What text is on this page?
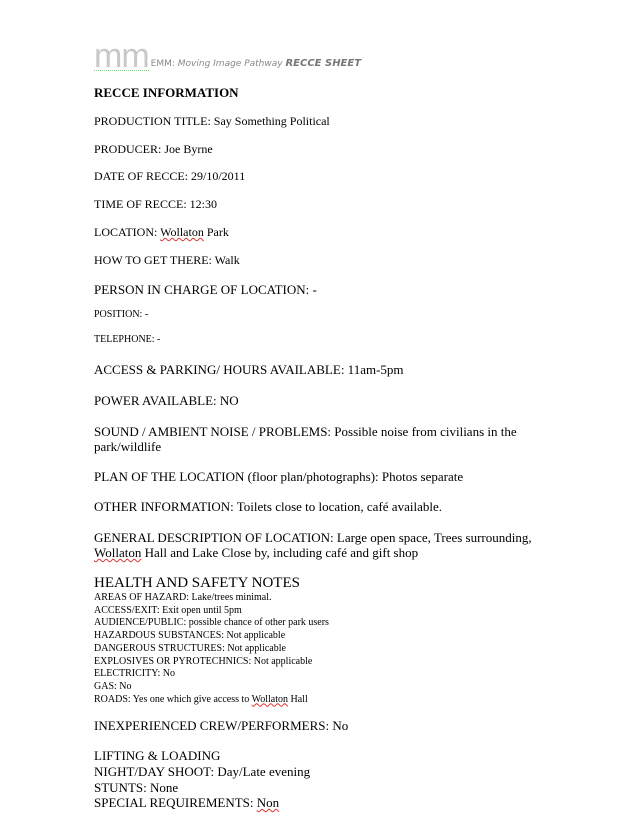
mm EMM: Moving Image Pathway RECCE SHEET
RECCE INFORMATION
PRODUCTION TITLE: Say Something Political
PRODUCER: Joe Byrne
DATE OF RECCE: 29/10/2011
TIME OF RECCE: 12:30
LOCATION: Wollaton Park
HOW TO GET THERE: Walk
PERSON IN CHARGE OF LOCATION: -
POSITION: -
TELEPHONE: -
ACCESS & PARKING/ HOURS AVAILABLE: 11am-5pm
POWER AVAILABLE: NO
SOUND / AMBIENT NOISE / PROBLEMS: Possible noise from civilians in the
park/wildlife
PLAN OF THE LOCATION (floor plan/photographs): Photos separate
OTHER INFORMATION: Toilets close to location, café available.
GENERAL DESCRIPTION OF LOCATION: Large open space, Trees surrounding,
Wollaton Hall and Lake Close by, including café and gift shop
HEALTH AND SAFETY NOTES
AREAS OF HAZARD: Lake/trees minimal.
ACCESS/EXIT: Exit open until 5pm
AUDIENCE/PUBLIC: possible chance of other park users
HAZARDOUS SUBSTANCES: Not applicable
DANGEROUS STRUCTURES: Not applicable
EXPLOSIVES OR PYROTECHNICS: Not applicable
ELECTRICITY: No
GAS: No
ROADS: Yes one which give access to Wollaton Hall
INEXPERIENCED CREW/PERFORMERS: No
LIFTING & LOADING
NIGHT/DAY SHOOT: Day/Late evening
STUNTS: None
SPECIAL REQUIREMENTS: Non
